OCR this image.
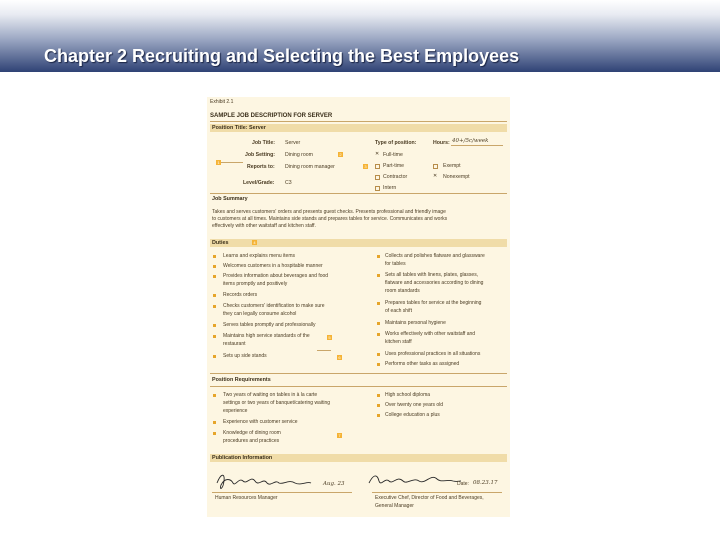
Chapter 2 Recruiting and Selecting the Best Employees
Exhibit 2.1
SAMPLE JOB DESCRIPTION FOR SERVER
Position Title: Server
Job Title: Server
Job Setting: Dining room
Reports to: Dining room manager
Level/Grade: C3
1
2
3
Type of position:	Hours: 40+/5c/week
✕ Full-time
Part-time
Contractor
Intern
Exempt
✕ Nonexempt
Job Summary
Takes and serves customers' orders and presents guest checks. Presents professional and friendly image
to customers at all times. Maintains side stands and prepares tables for service. Communicates and works
effectively with other waitstaff and kitchen staff.
Duties	4
Learns and explains menu items
Welcomes customers in a hospitable manner
Provides information about beverages and food
items promptly and positively
Records orders
Checks customers' identification to make sure
they can legally consume alcohol
Serves tables promptly and professionally
Maintains high service standards of the
restaurant
Sets up side stands
5
6
Collects and polishes flatware and glassware
for tables
Sets all tables with linens, plates, glasses,
flatware and accessories according to dining
room standards
Prepares tables for service at the beginning
of each shift
Maintains personal hygiene
Works effectively with other waitstaff and
kitchen staff
Uses professional practices in all situations
Performs other tasks as assigned
Position Requirements
Two years of waiting on tables in à la carte
settings or two years of banquet/catering waiting
experience
Experience with customer service
Knowledge of dining room
procedures and practices
7
High school diploma
Over twenty one years old
College education a plus
Publication Information
Aug. 23
Human Resources Manager
Date: 08.23.17
Executive Chef, Director of Food and Beverages,
General Manager
